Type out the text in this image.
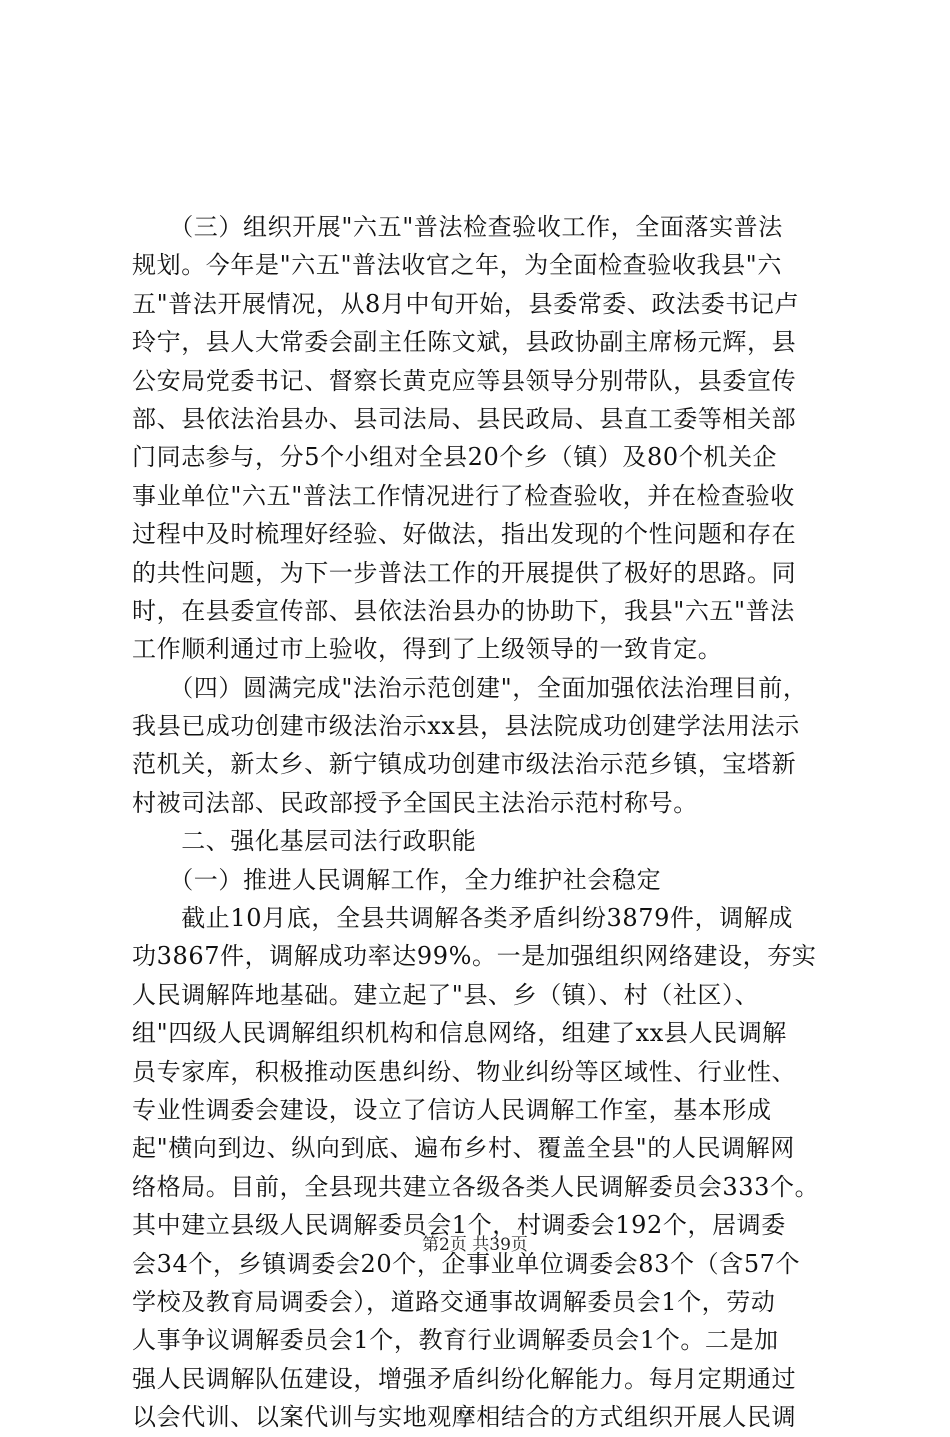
　　（三）组织开展"六五"普法检查验收工作，全面落实普法
规划。今年是"六五"普法收官之年，为全面检查验收我县"六
五"普法开展情况，从8月中旬开始，县委常委、政法委书记卢
玲宁，县人大常委会副主任陈文斌，县政协副主席杨元辉，县
公安局党委书记、督察长黄克应等县领导分别带队，县委宣传
部、县依法治县办、县司法局、县民政局、县直工委等相关部
门同志参与，分5个小组对全县20个乡（镇）及80个机关企
事业单位"六五"普法工作情况进行了检查验收，并在检查验收
过程中及时梳理好经验、好做法，指出发现的个性问题和存在
的共性问题，为下一步普法工作的开展提供了极好的思路。同
时，在县委宣传部、县依法治县办的协助下，我县"六五"普法
工作顺利通过市上验收，得到了上级领导的一致肯定。
　　（四）圆满完成"法治示范创建"，全面加强依法治理目前，
我县已成功创建市级法治示xx县，县法院成功创建学法用法示
范机关，新太乡、新宁镇成功创建市级法治示范乡镇，宝塔新
村被司法部、民政部授予全国民主法治示范村称号。
　　二、强化基层司法行政职能
　　（一）推进人民调解工作，全力维护社会稳定
　　截止10月底，全县共调解各类矛盾纠纷3879件，调解成
功3867件，调解成功率达99%。一是加强组织网络建设，夯实
人民调解阵地基础。建立起了"县、乡（镇）、村（社区）、
组"四级人民调解组织机构和信息网络，组建了xx县人民调解
员专家库，积极推动医患纠纷、物业纠纷等区域性、行业性、
专业性调委会建设，设立了信访人民调解工作室，基本形成
起"横向到边、纵向到底、遍布乡村、覆盖全县"的人民调解网
络格局。目前，全县现共建立各级各类人民调解委员会333个。
其中建立县级人民调解委员会1个，村调委会192个，居调委
会34个，乡镇调委会20个，企事业单位调委会83个（含57个
学校及教育局调委会），道路交通事故调解委员会1个，劳动
人事争议调解委员会1个，教育行业调解委员会1个。二是加
强人民调解队伍建设，增强矛盾纠纷化解能力。每月定期通过
以会代训、以案代训与实地观摩相结合的方式组织开展人民调
第2页 共39页
